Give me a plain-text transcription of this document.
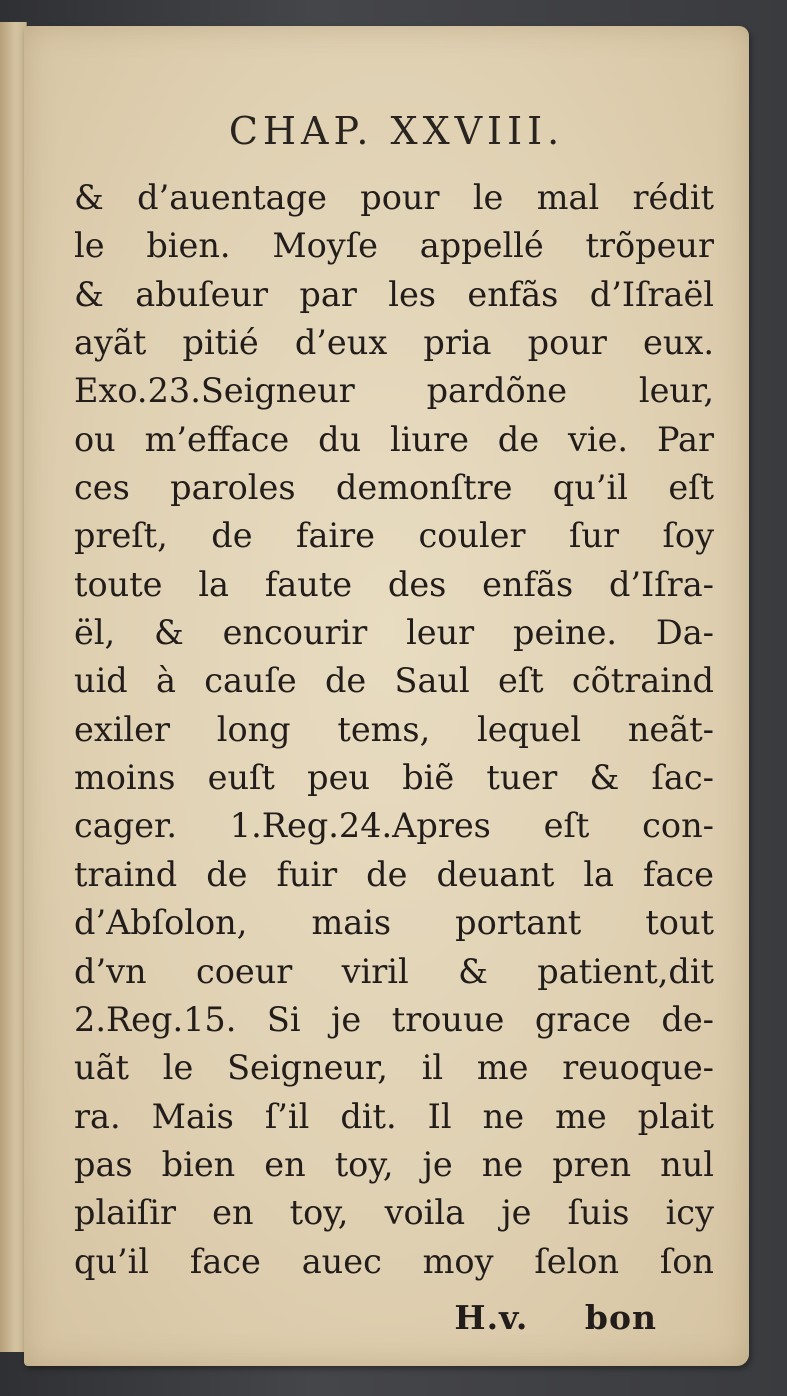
CHAP. XXVIII.
& d’auentage pour le mal rédit
le bien. Moyſe appellé trõpeur
& abuſeur par les enfãs d’Iſraël
ayãt pitié d’eux pria pour eux.
Exo.23.Seigneur pardõne leur,
ou m’efface du liure de vie. Par
ces paroles demonſtre qu’il eſt
preſt, de faire couler ſur ſoy
toute la faute des enfãs d’Iſra-
ël, & encourir leur peine. Da-
uid à cauſe de Saul eſt cõtraind
exiler long tems, lequel neãt-
moins euſt peu biẽ tuer & ſac-
cager. 1.Reg.24.Apres eſt con-
traind de fuir de deuant la face
d’Abſolon, mais portant tout
d’vn coeur viril & patient,dit
2.Reg.15. Si je trouue grace de-
uãt le Seigneur, il me reuoque-
ra. Mais ſ’il dit. Il ne me plait
pas bien en toy, je ne pren nul
plaiſir en toy, voila je ſuis icy
qu’il face auec moy ſelon ſon
H.v. bon
